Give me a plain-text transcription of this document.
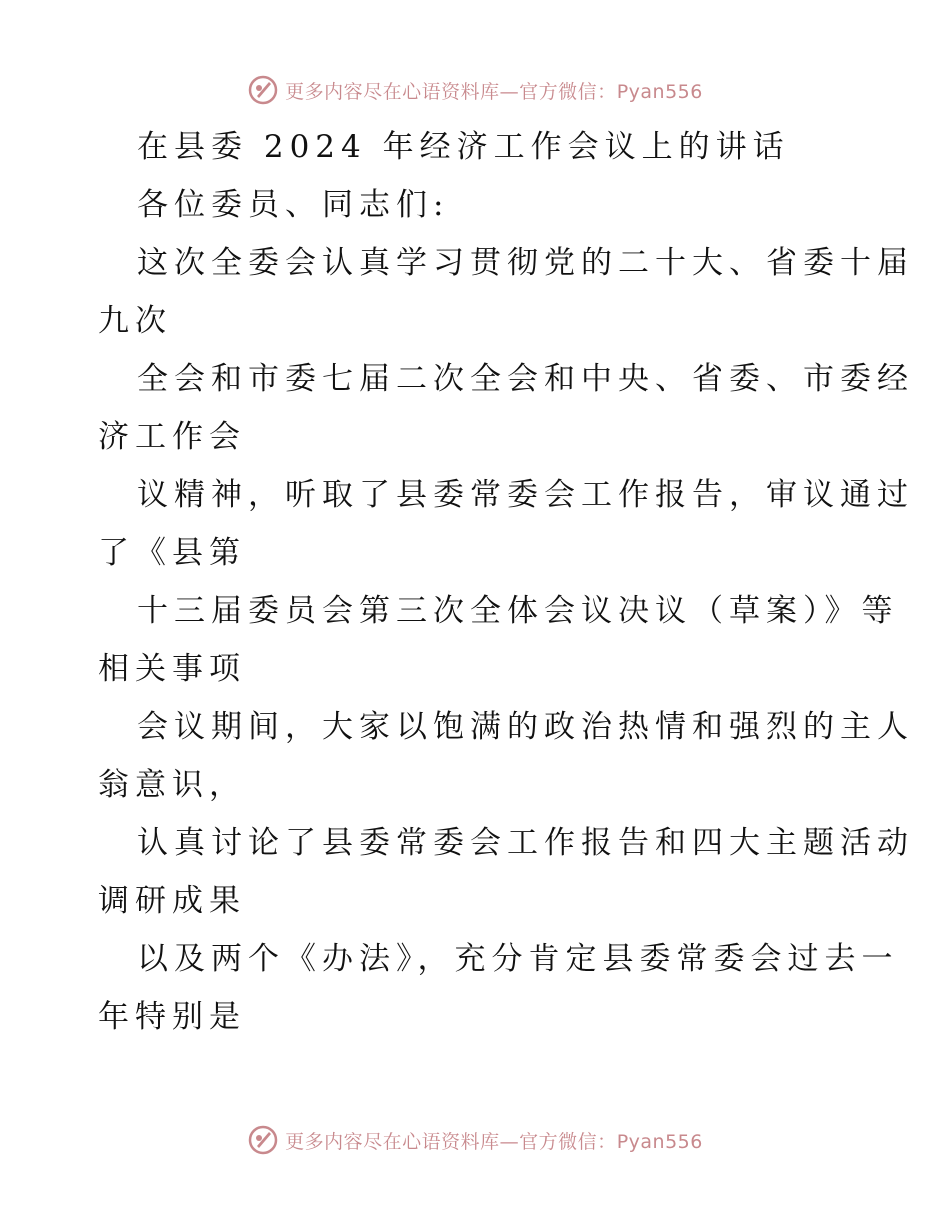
更多内容尽在心语资料库—官方微信：Pyan556
在县委 2024 年经济工作会议上的讲话
各位委员、同志们:
这次全委会认真学习贯彻党的二十大、省委十届
九次
全会和市委七届二次全会和中央、省委、市委经
济工作会
议精神，听取了县委常委会工作报告，审议通过
了《县第
十三届委员会第三次全体会议决议（草案）》等
相关事项
会议期间，大家以饱满的政治热情和强烈的主人
翁意识，
认真讨论了县委常委会工作报告和四大主题活动
调研成果
以及两个《办法》，充分肯定县委常委会过去一
年特别是
更多内容尽在心语资料库—官方微信：Pyan556
